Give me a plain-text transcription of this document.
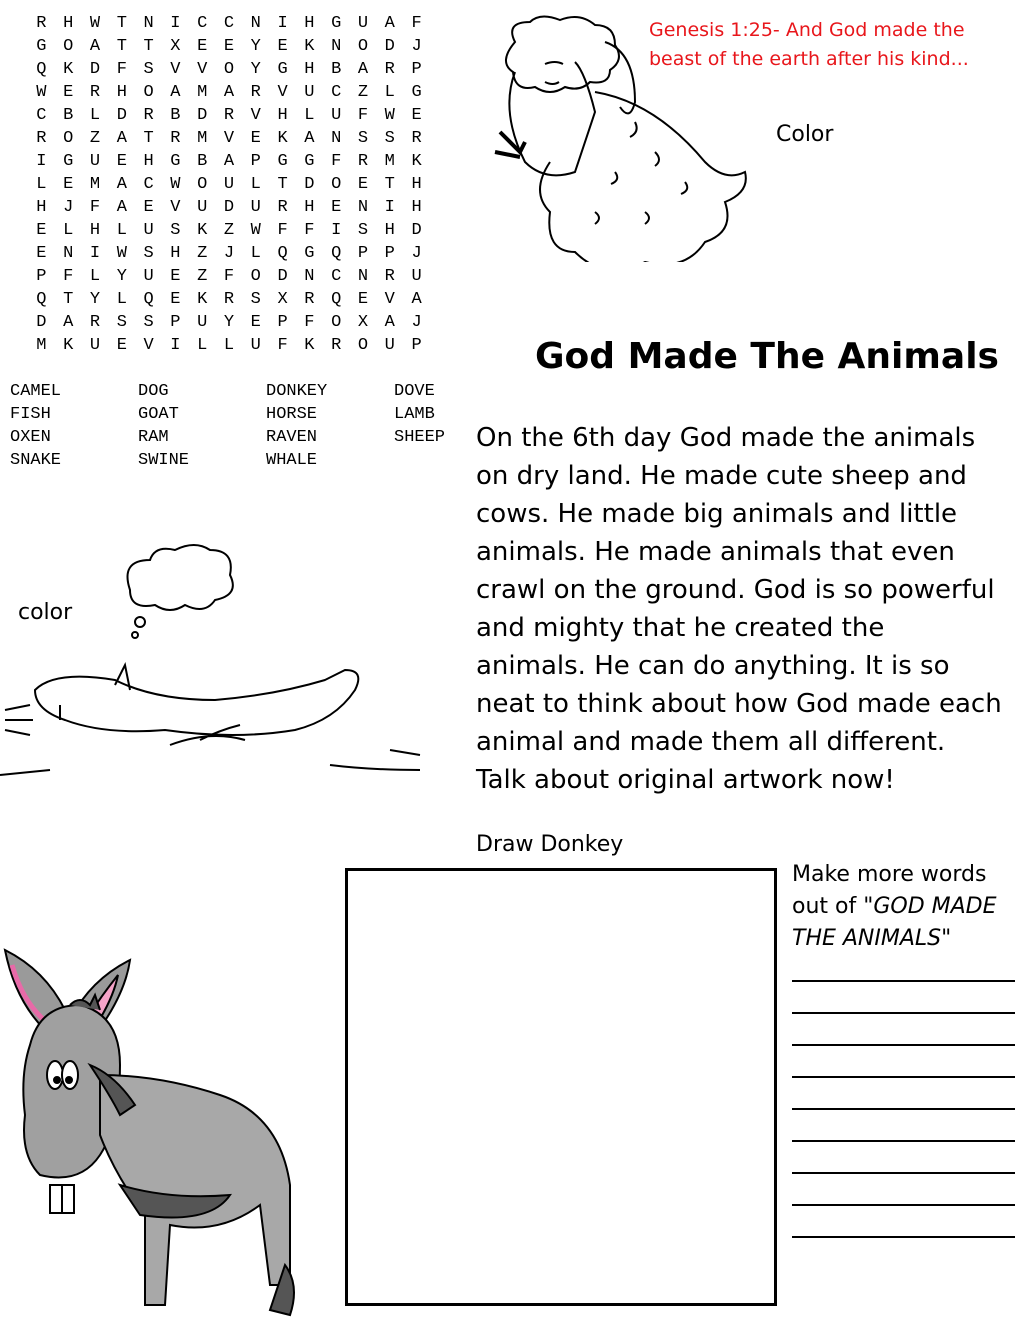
R H W T N I C C N I H G U A F
G O A T T X E E Y E K N O D J
Q K D F S V V O Y G H B A R P
W E R H O A M A R V U C Z L G
C B L D R B D R V H L U F W E
R O Z A T R M V E K A N S S R
I G U E H G B A P G G F R M K
L E M A C W O U L T D O E T H
H J F A E V U D U R H E N I H
E L H L U S K Z W F F I S H D
E N I W S H Z J L Q G Q P P J
P F L Y U E Z F O D N C N R U
Q T Y L Q E K R S X R Q E V A
D A R S S P U Y E P F O X A J
M K U E V I L L U F K R O U P
CAMEL	DOG	DONKEY	DOVE
FISH	GOAT	HORSE	LAMB
OXEN	RAM	RAVEN	SHEEP
SNAKE	SWINE	WHALE
Genesis 1:25- And God made the
beast of the earth after his kind...
Color
God Made The Animals
On the 6th day God made the animals
on dry land. He made cute sheep and
cows. He made big animals and little
animals. He made animals that even
crawl on the ground. God is so powerful
and mighty that he created the
animals. He can do anything. It is so
neat to think about how God made each
animal and made them all different.
Talk about original artwork now!
color
Draw Donkey
Make more words
out of "GOD MADE
THE ANIMALS"
